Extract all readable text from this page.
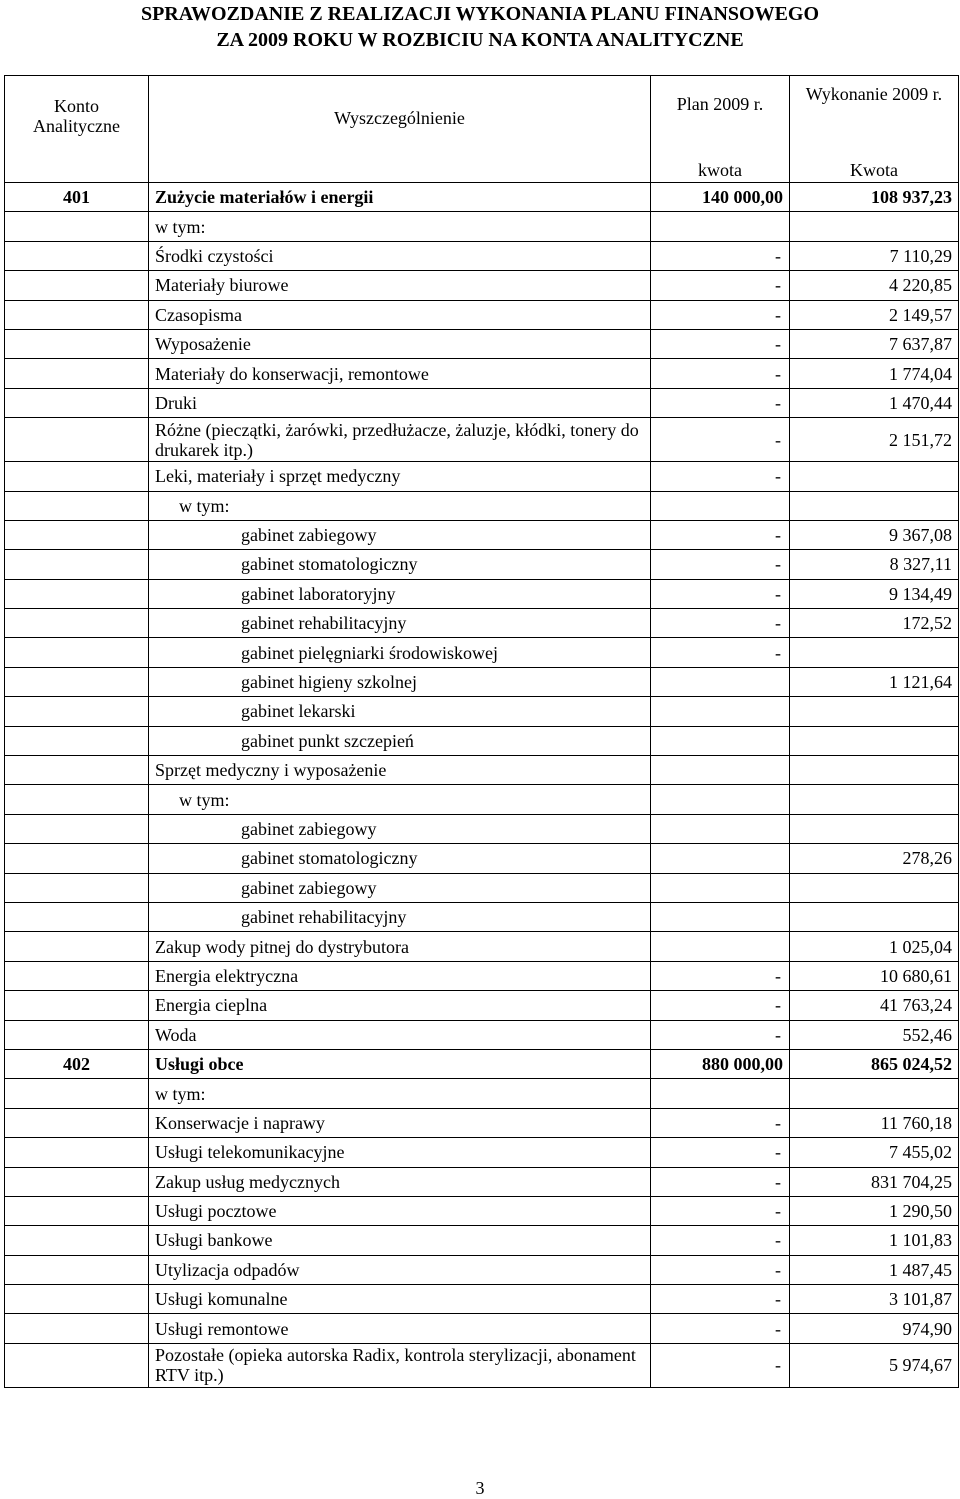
SPRAWOZDANIE Z REALIZACJI WYKONANIA PLANU FINANSOWEGO
ZA 2009 ROKU W ROZBICIU NA KONTA ANALITYCZNE
Konto Analityczne	Wyszczególnienie	Plan 2009 r.	Wykonanie 2009 r.
		kwota	Kwota
401	Zużycie materiałów i energii	140 000,00	108 937,23
	w tym:		
	Środki czystości	-	7 110,29
	Materiały biurowe	-	4 220,85
	Czasopisma	-	2 149,57
	Wyposażenie	-	7 637,87
	Materiały do konserwacji, remontowe	-	1 774,04
	Druki	-	1 470,44
	Różne (pieczątki, żarówki, przedłużacze, żaluzje, kłódki, tonery do drukarek itp.)	-	2 151,72
	Leki, materiały i sprzęt medyczny	-	
	w tym:		
	gabinet zabiegowy	-	9 367,08
	gabinet stomatologiczny	-	8 327,11
	gabinet laboratoryjny	-	9 134,49
	gabinet rehabilitacyjny	-	172,52
	gabinet pielęgniarki środowiskowej	-	
	gabinet higieny szkolnej		1 121,64
	gabinet lekarski		
	gabinet punkt szczepień		
	Sprzęt medyczny i wyposażenie		
	w tym:		
	gabinet zabiegowy		
	gabinet stomatologiczny		278,26
	gabinet zabiegowy		
	gabinet rehabilitacyjny		
	Zakup wody pitnej do dystrybutora		1 025,04
	Energia elektryczna	-	10 680,61
	Energia cieplna	-	41 763,24
	Woda	-	552,46
402	Usługi obce	880 000,00	865 024,52
	w tym:		
	Konserwacje i naprawy	-	11 760,18
	Usługi telekomunikacyjne	-	7 455,02
	Zakup usług medycznych	-	831 704,25
	Usługi pocztowe	-	1 290,50
	Usługi bankowe	-	1 101,83
	Utylizacja odpadów	-	1 487,45
	Usługi komunalne	-	3 101,87
	Usługi remontowe	-	974,90
	Pozostałe (opieka autorska Radix, kontrola sterylizacji, abonament RTV itp.)	-	5 974,67
3
